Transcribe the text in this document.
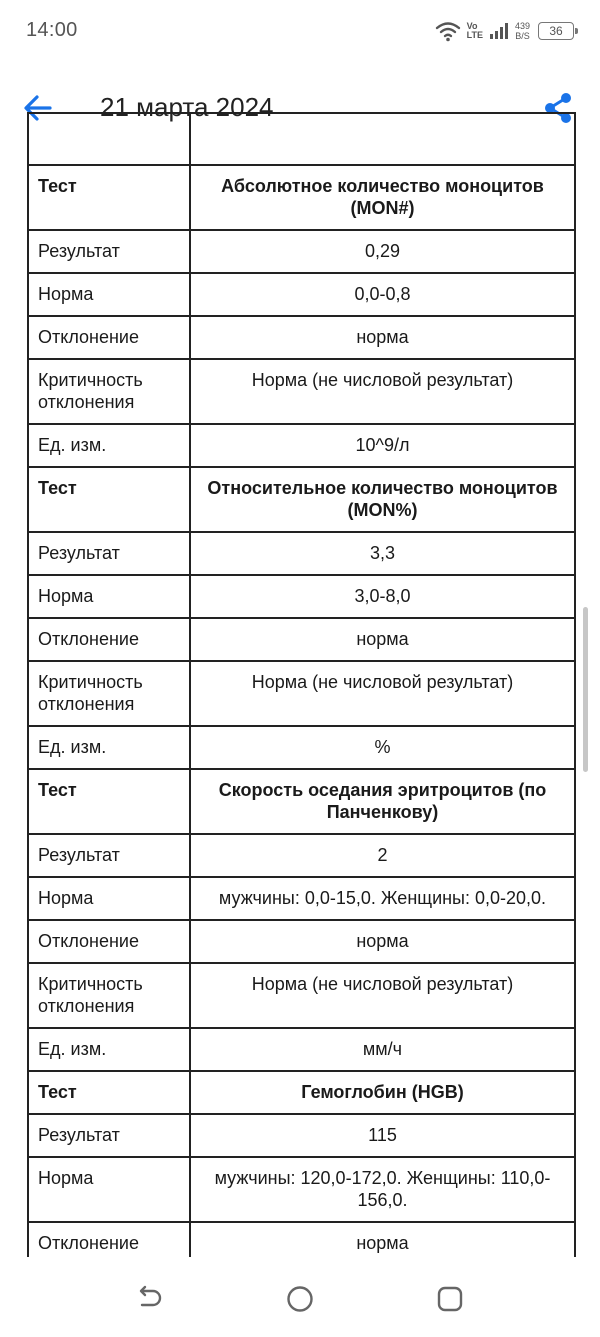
14:00	Vo
LTE
439
B/S 36
21 марта 2024

Тест	Абсолютное количество моноцитов (MON#)
Результат	0,29
Норма	0,0-0,8
Отклонение	норма
Критичность отклонения	Норма (не числовой результат)
Ед. изм.	10^9/л
Тест	Относительное количество моноцитов (MON%)
Результат	3,3
Норма	3,0-8,0
Отклонение	норма
Критичность отклонения	Норма (не числовой результат)
Ед. изм.	%
Тест	Скорость оседания эритроцитов (по Панченкову)
Результат	2
Норма	мужчины: 0,0-15,0. Женщины: 0,0-20,0.
Отклонение	норма
Критичность отклонения	Норма (не числовой результат)
Ед. изм.	мм/ч
Тест	Гемоглобин (HGB)
Результат	115
Норма	мужчины: 120,0-172,0. Женщины: 110,0-156,0.
Отклонение	норма
